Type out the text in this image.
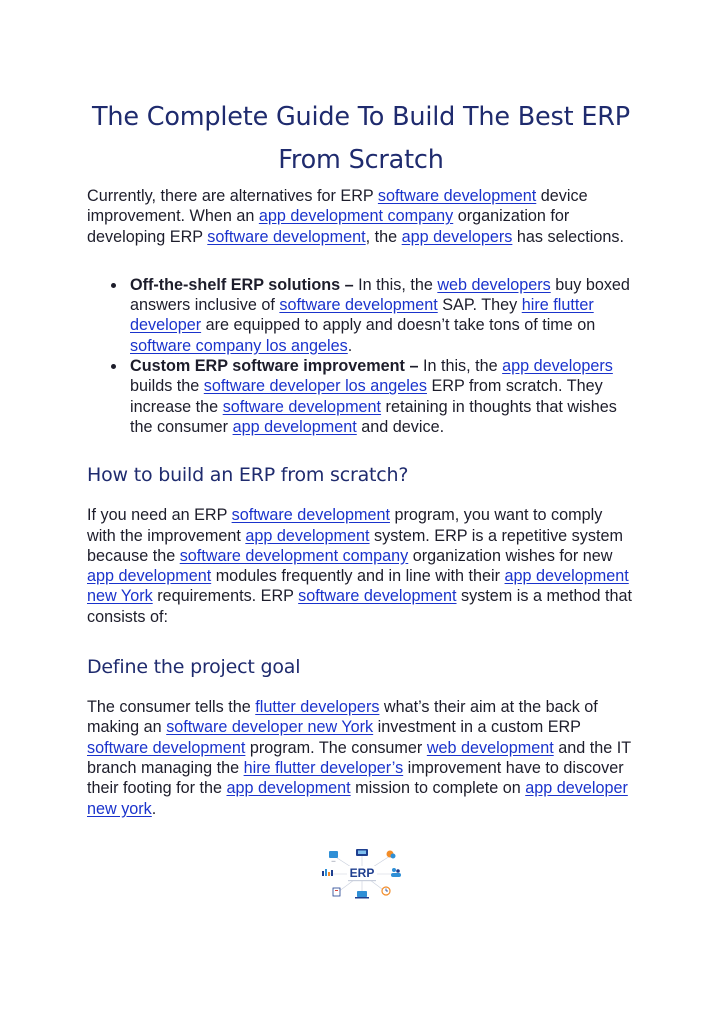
The Complete Guide To Build The Best ERP From Scratch

Currently, there are alternatives for ERP software development device improvement. When an app development company organization for developing ERP software development, the app developers has selections.

Off-the-shelf ERP solutions – In this, the web developers buy boxed answers inclusive of software development SAP. They hire flutter developer are equipped to apply and doesn’t take tons of time on software company los angeles.
Custom ERP software improvement – In this, the app developers builds the software developer los angeles ERP from scratch. They increase the software development retaining in thoughts that wishes the consumer app development and device.
How to build an ERP from scratch?

If you need an ERP software development program, you want to comply with the improvement app development system. ERP is a repetitive system because the software development company organization wishes for new app development modules frequently and in line with their app development new York requirements. ERP software development system is a method that consists of:

Define the project goal

The consumer tells the flutter developers what’s their aim at the back of making an software developer new York investment in a custom ERP software development program. The consumer web development and the IT branch managing the hire flutter developer’s improvement have to discover their footing for the app development mission to complete on app developer new york.

▬▬
ERP
